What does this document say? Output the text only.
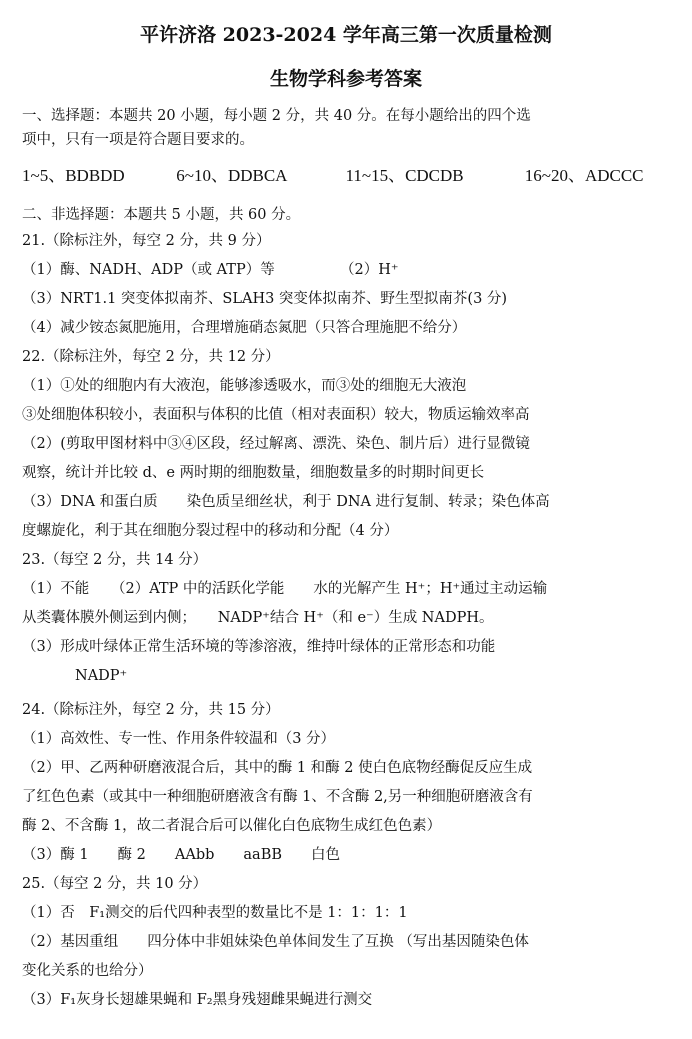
平许济洛 2023-2024 学年高三第一次质量检测
生物学科参考答案
一、选择题：本题共 20 小题，每小题 2 分，共 40 分。在每小题给出的四个选
项中，只有一项是符合题目要求的。
1~5、BDBDD	6~10、DDBCA	11~15、CDCDB	16~20、ADCCC
二、非选择题：本题共 5 小题，共 60 分。
21.（除标注外，每空 2 分，共 9 分）
（1）酶、NADH、ADP（或 ATP）等　　　　　（2）H⁺
（3）NRT1.1 突变体拟南芥、SLAH3 突变体拟南芥、野生型拟南芥(3 分)
（4）减少铵态氮肥施用，合理增施硝态氮肥（只答合理施肥不给分）
22.（除标注外，每空 2 分，共 12 分）
（1）①处的细胞内有大液泡，能够渗透吸水，而③处的细胞无大液泡
③处细胞体积较小，表面积与体积的比值（相对表面积）较大，物质运输效率高
（2）(剪取甲图材料中③④区段，经过解离、漂洗、染色、制片后）进行显微镜
观察，统计并比较 d、e 两时期的细胞数量，细胞数量多的时期时间更长
（3）DNA 和蛋白质　　染色质呈细丝状，利于 DNA 进行复制、转录；染色体高
度螺旋化，利于其在细胞分裂过程中的移动和分配（4 分）
23.（每空 2 分，共 14 分）
（1）不能　　（2）ATP 中的活跃化学能　　水的光解产生 H⁺；H⁺通过主动运输
从类囊体膜外侧运到内侧；　　NADP⁺结合 H⁺（和 e⁻）生成 NADPH。
（3）形成叶绿体正常生活环境的等渗溶液，维持叶绿体的正常形态和功能
NADP⁺
24.（除标注外，每空 2 分，共 15 分）
（1）高效性、专一性、作用条件较温和（3 分）
（2）甲、乙两种研磨液混合后，其中的酶 1 和酶 2 使白色底物经酶促反应生成
了红色色素（或其中一种细胞研磨液含有酶 1、不含酶 2,另一种细胞研磨液含有
酶 2、不含酶 1，故二者混合后可以催化白色底物生成红色色素）
（3）酶 1　　酶 2　　AAbb　　aaBB　　白色
25.（每空 2 分，共 10 分）
（1）否　F₁测交的后代四种表型的数量比不是 1：1：1：1
（2）基因重组　　四分体中非姐妹染色单体间发生了互换 （写出基因随染色体
变化关系的也给分）
（3）F₁灰身长翅雄果蝇和 F₂黑身残翅雌果蝇进行测交
